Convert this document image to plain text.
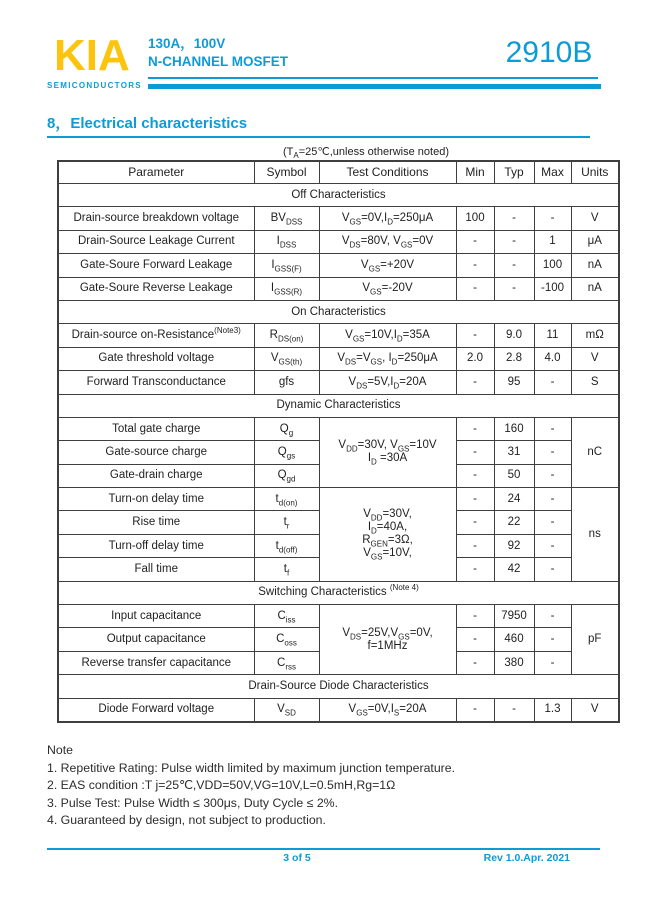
KIA
SEMICONDUCTORS
130A，100V
N-CHANNEL MOSFET	2910B
8，Electrical characteristics
($T_A=25℃,unless$ otherwise noted)
Parameter	Symbol	Test Conditions	Min	Typ	Max	Units
Off Characteristics						
Drain-source breakdown voltage	$BV_{DSS}$	$V_{GS}=0V,I_D=250\mu A$	100	-	-	V
Drain-Source Leakage Current	$I_{DSS}$	$V_{DS}=80V$, $V_{GS}=0V$	-	-	1	μA
Gate-Soure Forward Leakage	$I_{GSS(F)}$	$V_{GS}=+20V$	-	-	100	nA
Gate-Soure Reverse Leakage	$I_{GSS(R)}$	$V_{GS}=-20V$	-	-	-100	nA
On Characteristics						
Drain-source on-Resistance$^{(Note3)}$	$R_{DS(on)}$	$V_{GS}=10V,I_D=35A$	-	9.0	11	mΩ
Gate threshold voltage	$V_{GS(th)}$	$V_{DS}=V_{GS}$, $I_D=250\mu A$	2.0	2.8	4.0	V
Forward Transconductance	gfs	$V_{DS}=5V,I_D=20A$	-	95	-	S
Dynamic Characteristics						
Total gate charge	$Q_g$	$V_{DD}=30V$, $V_{GS}=10V$
$I_D =30A$	-	160	-	nC
Gate-source charge	$Q_{gs}$		-	31	-	
Gate-drain charge	$Q_{gd}$		-	50	-	
Turn-on delay time	$t_{d(on)}$	$V_{DD}=30V$,
$I_D=40A$,
$R_{GEN}=3\Omega$,
$V_{GS}=10V$,	-	24	-	ns
Rise time	$t_r$		-	22	-	
Turn-off delay time	$t_{d(off)}$		-	92	-	
Fall time	$t_f$		-	42	-	
Switching Characteristics $^{(Note 4)}$
Input capacitance	$C_{iss}$	$V_{DS}=25V,V_{GS}=0V$,
f=1MHz	-	7950	-	pF
Output capacitance	$C_{oss}$		-	460	-	
Reverse transfer capacitance	$C_{rss}$		-	380	-	
Drain-Source Diode Characteristics						
Diode Forward voltage	$V_{SD}$	$V_{GS}=0V,I_S=20A$	-	-	1.3	V
Note
1. Repetitive Rating: Pulse width limited by maximum junction temperature.
2. EAS condition :T j=25℃,VDD=50V,VG=10V,L=0.5mH,Rg=1Ω
3. Pulse Test: Pulse Width ≤ 300μs, Duty Cycle ≤ 2%.
4. Guaranteed by design, not subject to production.
3 of 5	Rev 1.0.Apr. 2021
